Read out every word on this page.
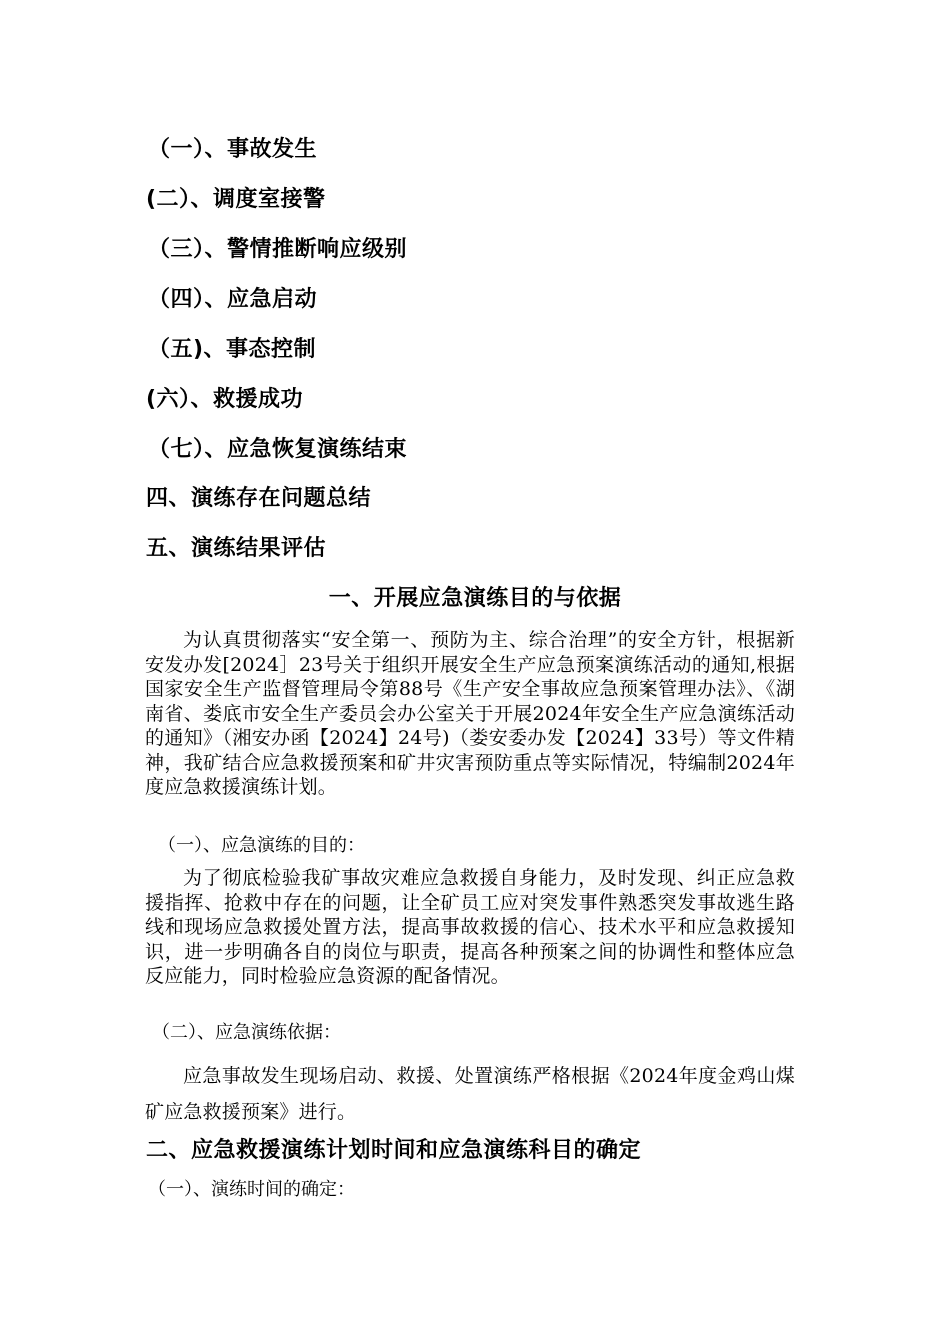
（一）、事故发生
(二）、调度室接警
（三）、警情推断响应级别
（四）、应急启动
（五)、事态控制
(六）、救援成功
（七）、应急恢复演练结束
四、演练存在问题总结
五、演练结果评估
一、开展应急演练目的与依据
为认真贯彻落实“安全第一、预防为主、综合治理”的安全方针，根据新安发办发[2024］23号关于组织开展安全生产应急预案演练活动的通知,根据国家安全生产监督管理局令第88号《生产安全事故应急预案管理办法》、《湖南省、娄底市安全生产委员会办公室关于开展2024年安全生产应急演练活动的通知》（湘安办函【2024】24号)（娄安委办发【2024】33号）等文件精神，我矿结合应急救援预案和矿井灾害预防重点等实际情况，特编制2024年度应急救援演练计划。
（一）、应急演练的目的：
为了彻底检验我矿事故灾难应急救援自身能力，及时发现、纠正应急救援指挥、抢救中存在的问题，让全矿员工应对突发事件熟悉突发事故逃生路线和现场应急救援处置方法，提高事故救援的信心、技术水平和应急救援知识，进一步明确各自的岗位与职责，提高各种预案之间的协调性和整体应急反应能力，同时检验应急资源的配备情况。
（二）、应急演练依据：
应急事故发生现场启动、救援、处置演练严格根据《2024年度金鸡山煤矿应急救援预案》进行。
二、应急救援演练计划时间和应急演练科目的确定
（一）、演练时间的确定：
